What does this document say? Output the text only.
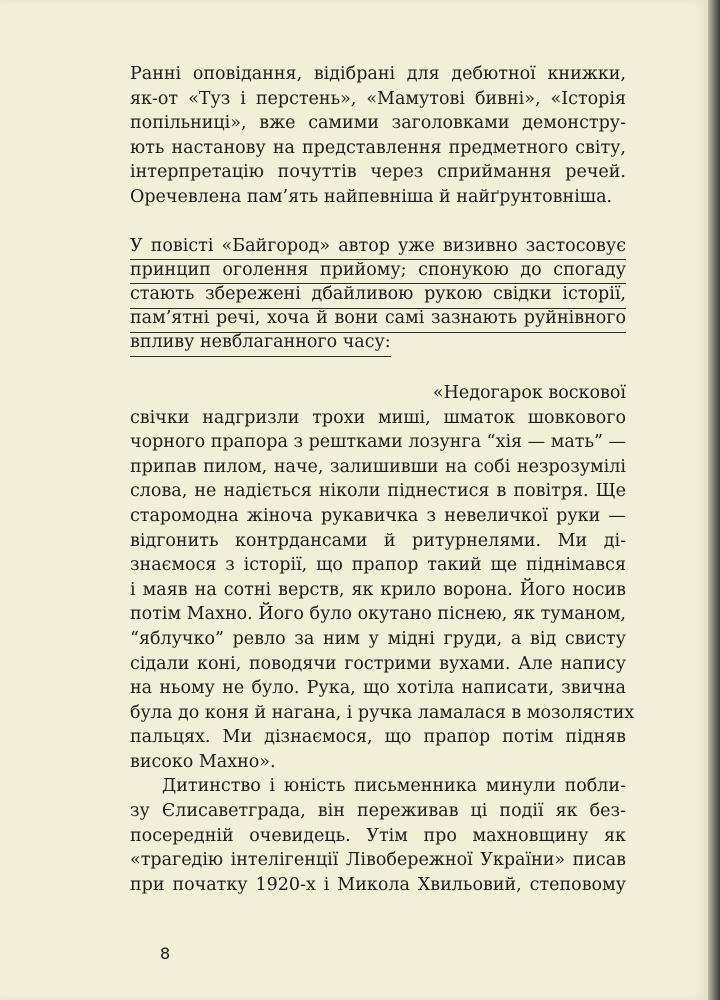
Ранні оповідання, відібрані для дебютної книжки,
як-от «Туз і перстень», «Мамутові бивні», «Історія
попільниці», вже самими заголовками демонстру-
ють настанову на представлення предметного світу,
інтерпретацію почуттів через сприймання речей.
Оречевлена пам’ять найпевніша й найґрунтовніша.
У повісті «Байгород» автор уже визивно застосовує
принцип оголення прийому; спонукою до спогаду
стають збережені дбайливою рукою свідки історії,
пам’ятні речі, хоча й вони самі зазнають руйнівного
впливу невблаганного часу:
«Недогарок воскової
свічки надгризли трохи миші, шматок шовкового
чорного прапора з рештками лозунга “хія — мать” —
припав пилом, наче, залишивши на собі незрозумілі
слова, не надіється ніколи піднестися в повітря. Ще
старомодна жіноча рукавичка з невеличкої руки —
відгонить контрдансами й ритурнелями. Ми ді-
знаємося з історії, що прапор такий ще піднімався
і маяв на сотні верств, як крило ворона. Його носив
потім Махно. Його було окутано піснею, як туманом,
“яблучко” ревло за ним у мідні груди, а від свисту
сідали коні, поводячи гострими вухами. Але напису
на ньому не було. Рука, що хотіла написати, звична
була до коня й нагана, і ручка ламалася в мозолястих
пальцях. Ми дізнаємося, що прапор потім підняв
високо Махно».
Дитинство і юність письменника минули побли-
зу Єлисаветграда, він переживав ці події як без-
посередній очевидець. Утім про махновщину як
«трагедію інтелігенції Лівобережної України» писав
при початку 1920-х і Микола Хвильовий, степовому
8
